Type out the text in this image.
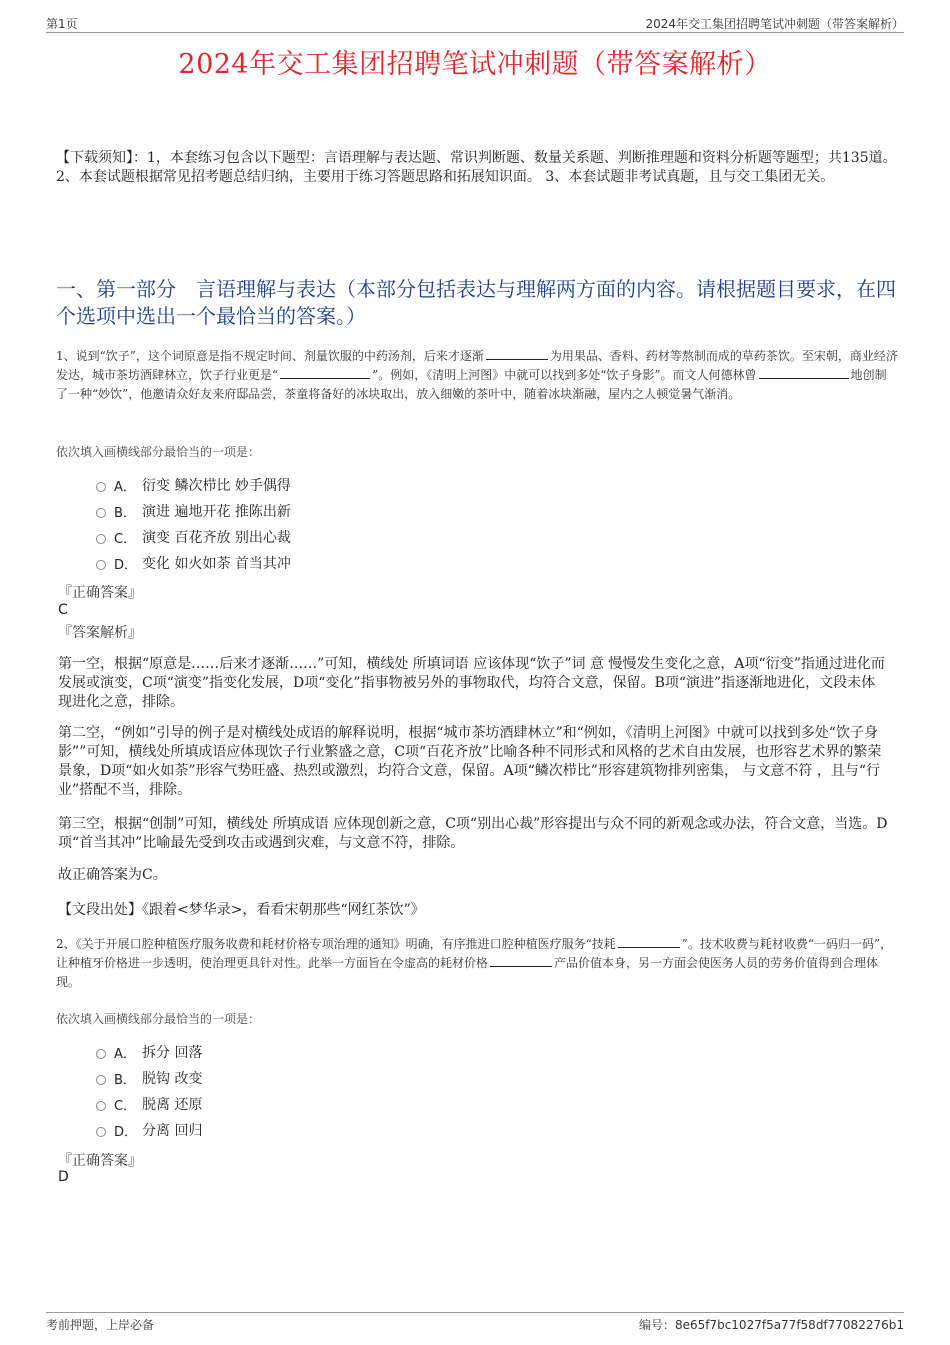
第1页	2024年交工集团招聘笔试冲刺题（带答案解析）
2024年交工集团招聘笔试冲刺题（带答案解析）
【下载须知】：1，本套练习包含以下题型：言语理解与表达题、常识判断题、数量关系题、判断推理题和资料分析题等题型；共135道。 2、本套试题根据常见招考题总结归纳，主要用于练习答题思路和拓展知识面。 3、本套试题非考试真题，且与交工集团无关。
一、第一部分　言语理解与表达（本部分包括表达与理解两方面的内容。请根据题目要求，在四个选项中选出一个最恰当的答案。）
1、说到“饮子”，这个词原意是指不规定时间、剂量饮服的中药汤剂，后来才逐渐	为用果品、香料、药材等熬制而成的草药茶饮。至宋朝，商业经济发达，城市茶坊酒肆林立，饮子行业更是“	”。例如，《清明上河图》中就可以找到多处“饮子身影”。而文人何德林曾	地创制了一种“妙饮”，他邀请众好友来府邸品尝，茶童将备好的冰块取出，放入细嫩的茶叶中，随着冰块渐融，屋内之人顿觉暑气渐消。
依次填入画横线部分最恰当的一项是：
A． 衍变 鳞次栉比 妙手偶得
B． 演进 遍地开花 推陈出新
C． 演变 百花齐放 别出心裁
D． 变化 如火如荼 首当其冲
『正确答案』
C
『答案解析』
第一空，根据“原意是……后来才逐渐……”可知，横线处 所填词语 应该体现“饮子”词 意 慢慢发生变化之意，A项“衍变”指通过进化而发展或演变，C项“演变”指变化发展，D项“变化”指事物被另外的事物取代，均符合文意，保留。B项“演进”指逐渐地进化，文段未体现进化之意，排除。
第二空，“例如”引导的例子是对横线处成语的解释说明，根据“城市茶坊酒肆林立”和“例如，《清明上河图》中就可以找到多处“饮子身影””可知，横线处所填成语应体现饮子行业繁盛之意，C项“百花齐放”比喻各种不同形式和风格的艺术自由发展，也形容艺术界的繁荣景象，D项“如火如荼”形容气势旺盛、热烈或激烈，均符合文意，保留。A项“鳞次栉比”形容建筑物排列密集， 与文意不符 ，且与“行业”搭配不当，排除。
第三空，根据“创制”可知，横线处 所填成语 应体现创新之意，C项“别出心裁”形容提出与众不同的新观念或办法，符合文意，当选。D项“首当其冲”比喻最先受到攻击或遇到灾难，与文意不符，排除。
故正确答案为C。
【文段出处】《跟着<梦华录>，看看宋朝那些“网红茶饮”》
2、《关于开展口腔种植医疗服务收费和耗材价格专项治理的通知》明确，有序推进口腔种植医疗服务“技耗	”。技术收费与耗材收费“一码归一码”，让种植牙价格进一步透明，使治理更具针对性。此举一方面旨在令虚高的耗材价格	产品价值本身，另一方面会使医务人员的劳务价值得到合理体现。
依次填入画横线部分最恰当的一项是：
A． 拆分 回落
B． 脱钩 改变
C． 脱离 还原
D． 分离 回归
『正确答案』
D
考前押题，上岸必备	编号：8e65f7bc1027f5a77f58df77082276b1
